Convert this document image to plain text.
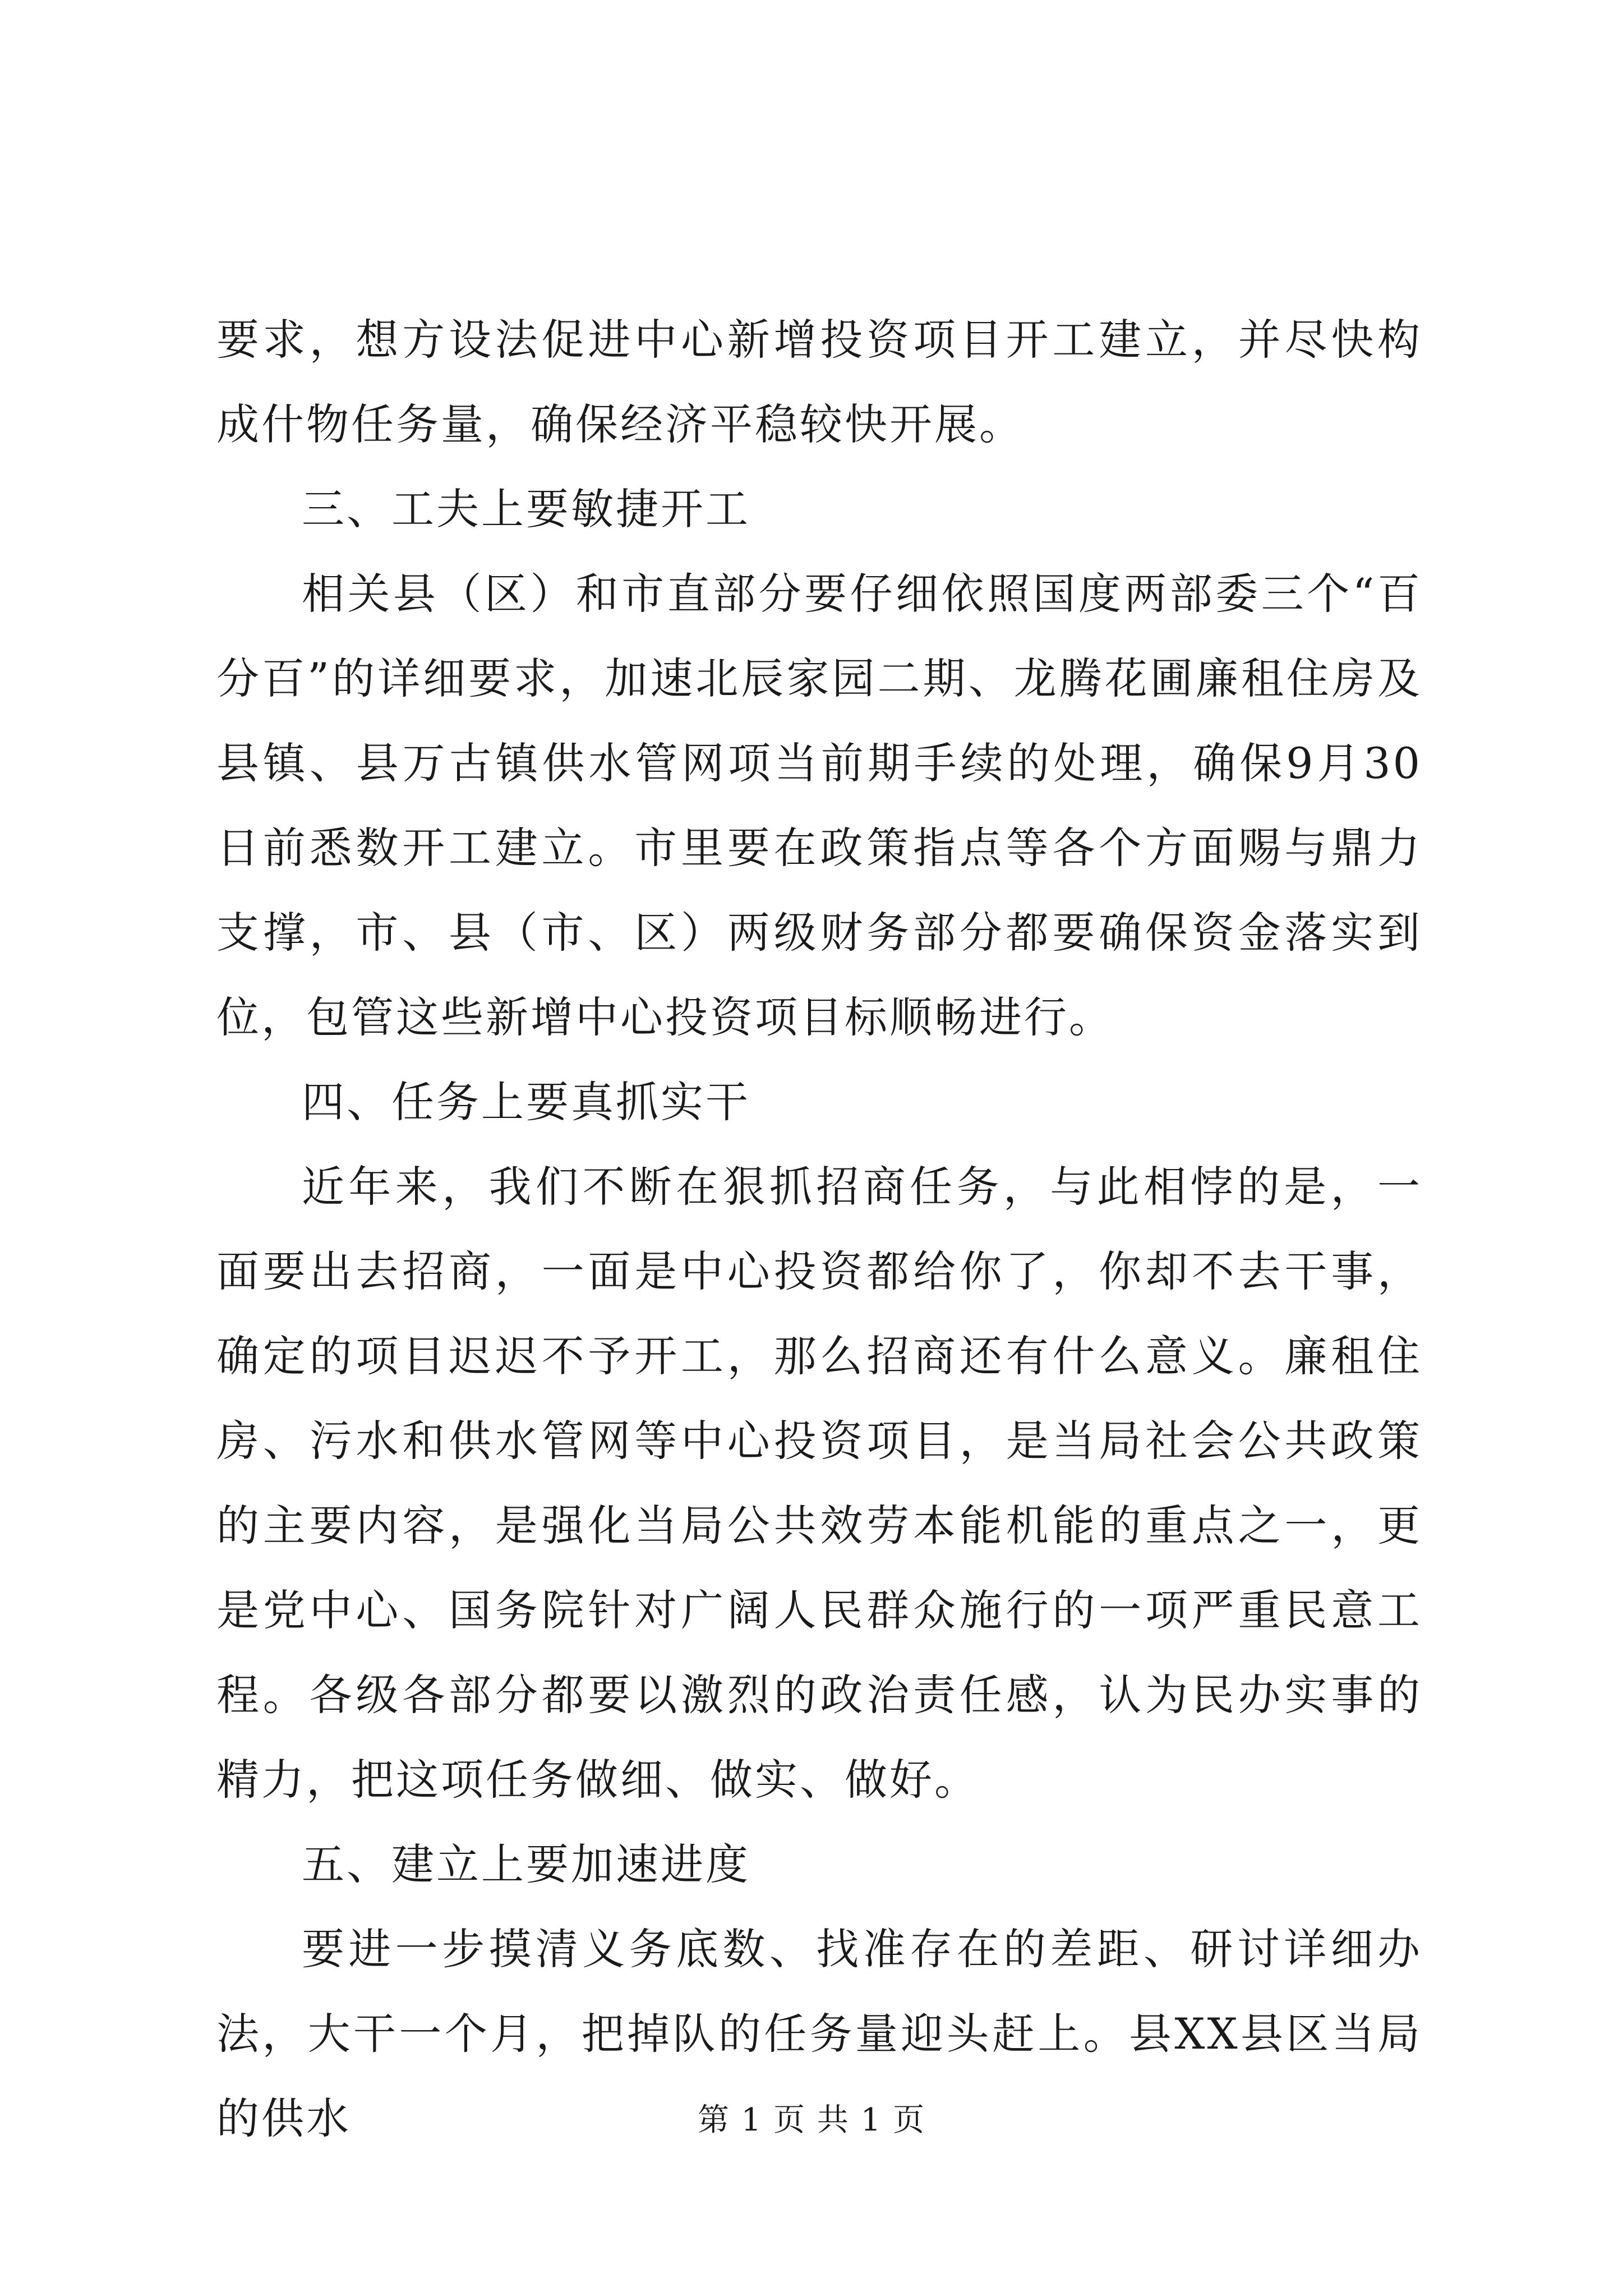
要求，想方设法促进中心新增投资项目开工建立，并尽快构成什物任务量，确保经济平稳较快开展。

三、工夫上要敏捷开工

相关县（区）和市直部分要仔细依照国度两部委三个“百分百”的详细要求，加速北辰家园二期、龙腾花圃廉租住房及县镇、县万古镇供水管网项当前期手续的处理，确保9月30日前悉数开工建立。市里要在政策指点等各个方面赐与鼎力支撑，市、县（市、区）两级财务部分都要确保资金落实到位，包管这些新增中心投资项目标顺畅进行。

四、任务上要真抓实干

近年来，我们不断在狠抓招商任务，与此相悖的是，一面要出去招商，一面是中心投资都给你了，你却不去干事，确定的项目迟迟不予开工，那么招商还有什么意义。廉租住房、污水和供水管网等中心投资项目，是当局社会公共政策的主要内容，是强化当局公共效劳本能机能的重点之一，更是党中心、国务院针对广阔人民群众施行的一项严重民意工程。各级各部分都要以激烈的政治责任感，认为民办实事的精力，把这项任务做细、做实、做好。

五、建立上要加速进度

要进一步摸清义务底数、找准存在的差距、研讨详细办法，大干一个月，把掉队的任务量迎头赶上。县XX县区当局的供水	第 1 页 共 1 页
